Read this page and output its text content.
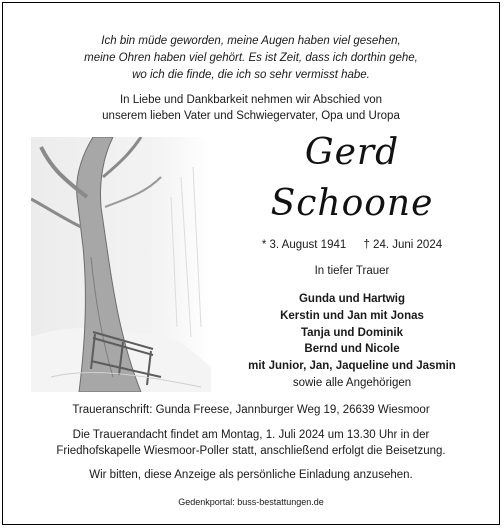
Ich bin müde geworden, meine Augen haben viel gesehen,
meine Ohren haben viel gehört. Es ist Zeit, dass ich dorthin gehe,
wo ich die finde, die ich so sehr vermisst habe.
In Liebe und Dankbarkeit nehmen wir Abschied von
unserem lieben Vater und Schwiegervater, Opa und Uropa
Gerd
Schoone
* 3. August 1941 † 24. Juni 2024
In tiefer Trauer
Gunda und Hartwig
Kerstin und Jan mit Jonas
Tanja und Dominik
Bernd und Nicole
mit Junior, Jan, Jaqueline und Jasmin
sowie alle Angehörigen
Traueranschrift: Gunda Freese, Jannburger Weg 19, 26639 Wiesmoor
Die Trauerandacht findet am Montag, 1. Juli 2024 um 13.30 Uhr in der
Friedhofskapelle Wiesmoor-Poller statt, anschließend erfolgt die Beisetzung.
Wir bitten, diese Anzeige als persönliche Einladung anzusehen.
Gedenkportal: buss-bestattungen.de
